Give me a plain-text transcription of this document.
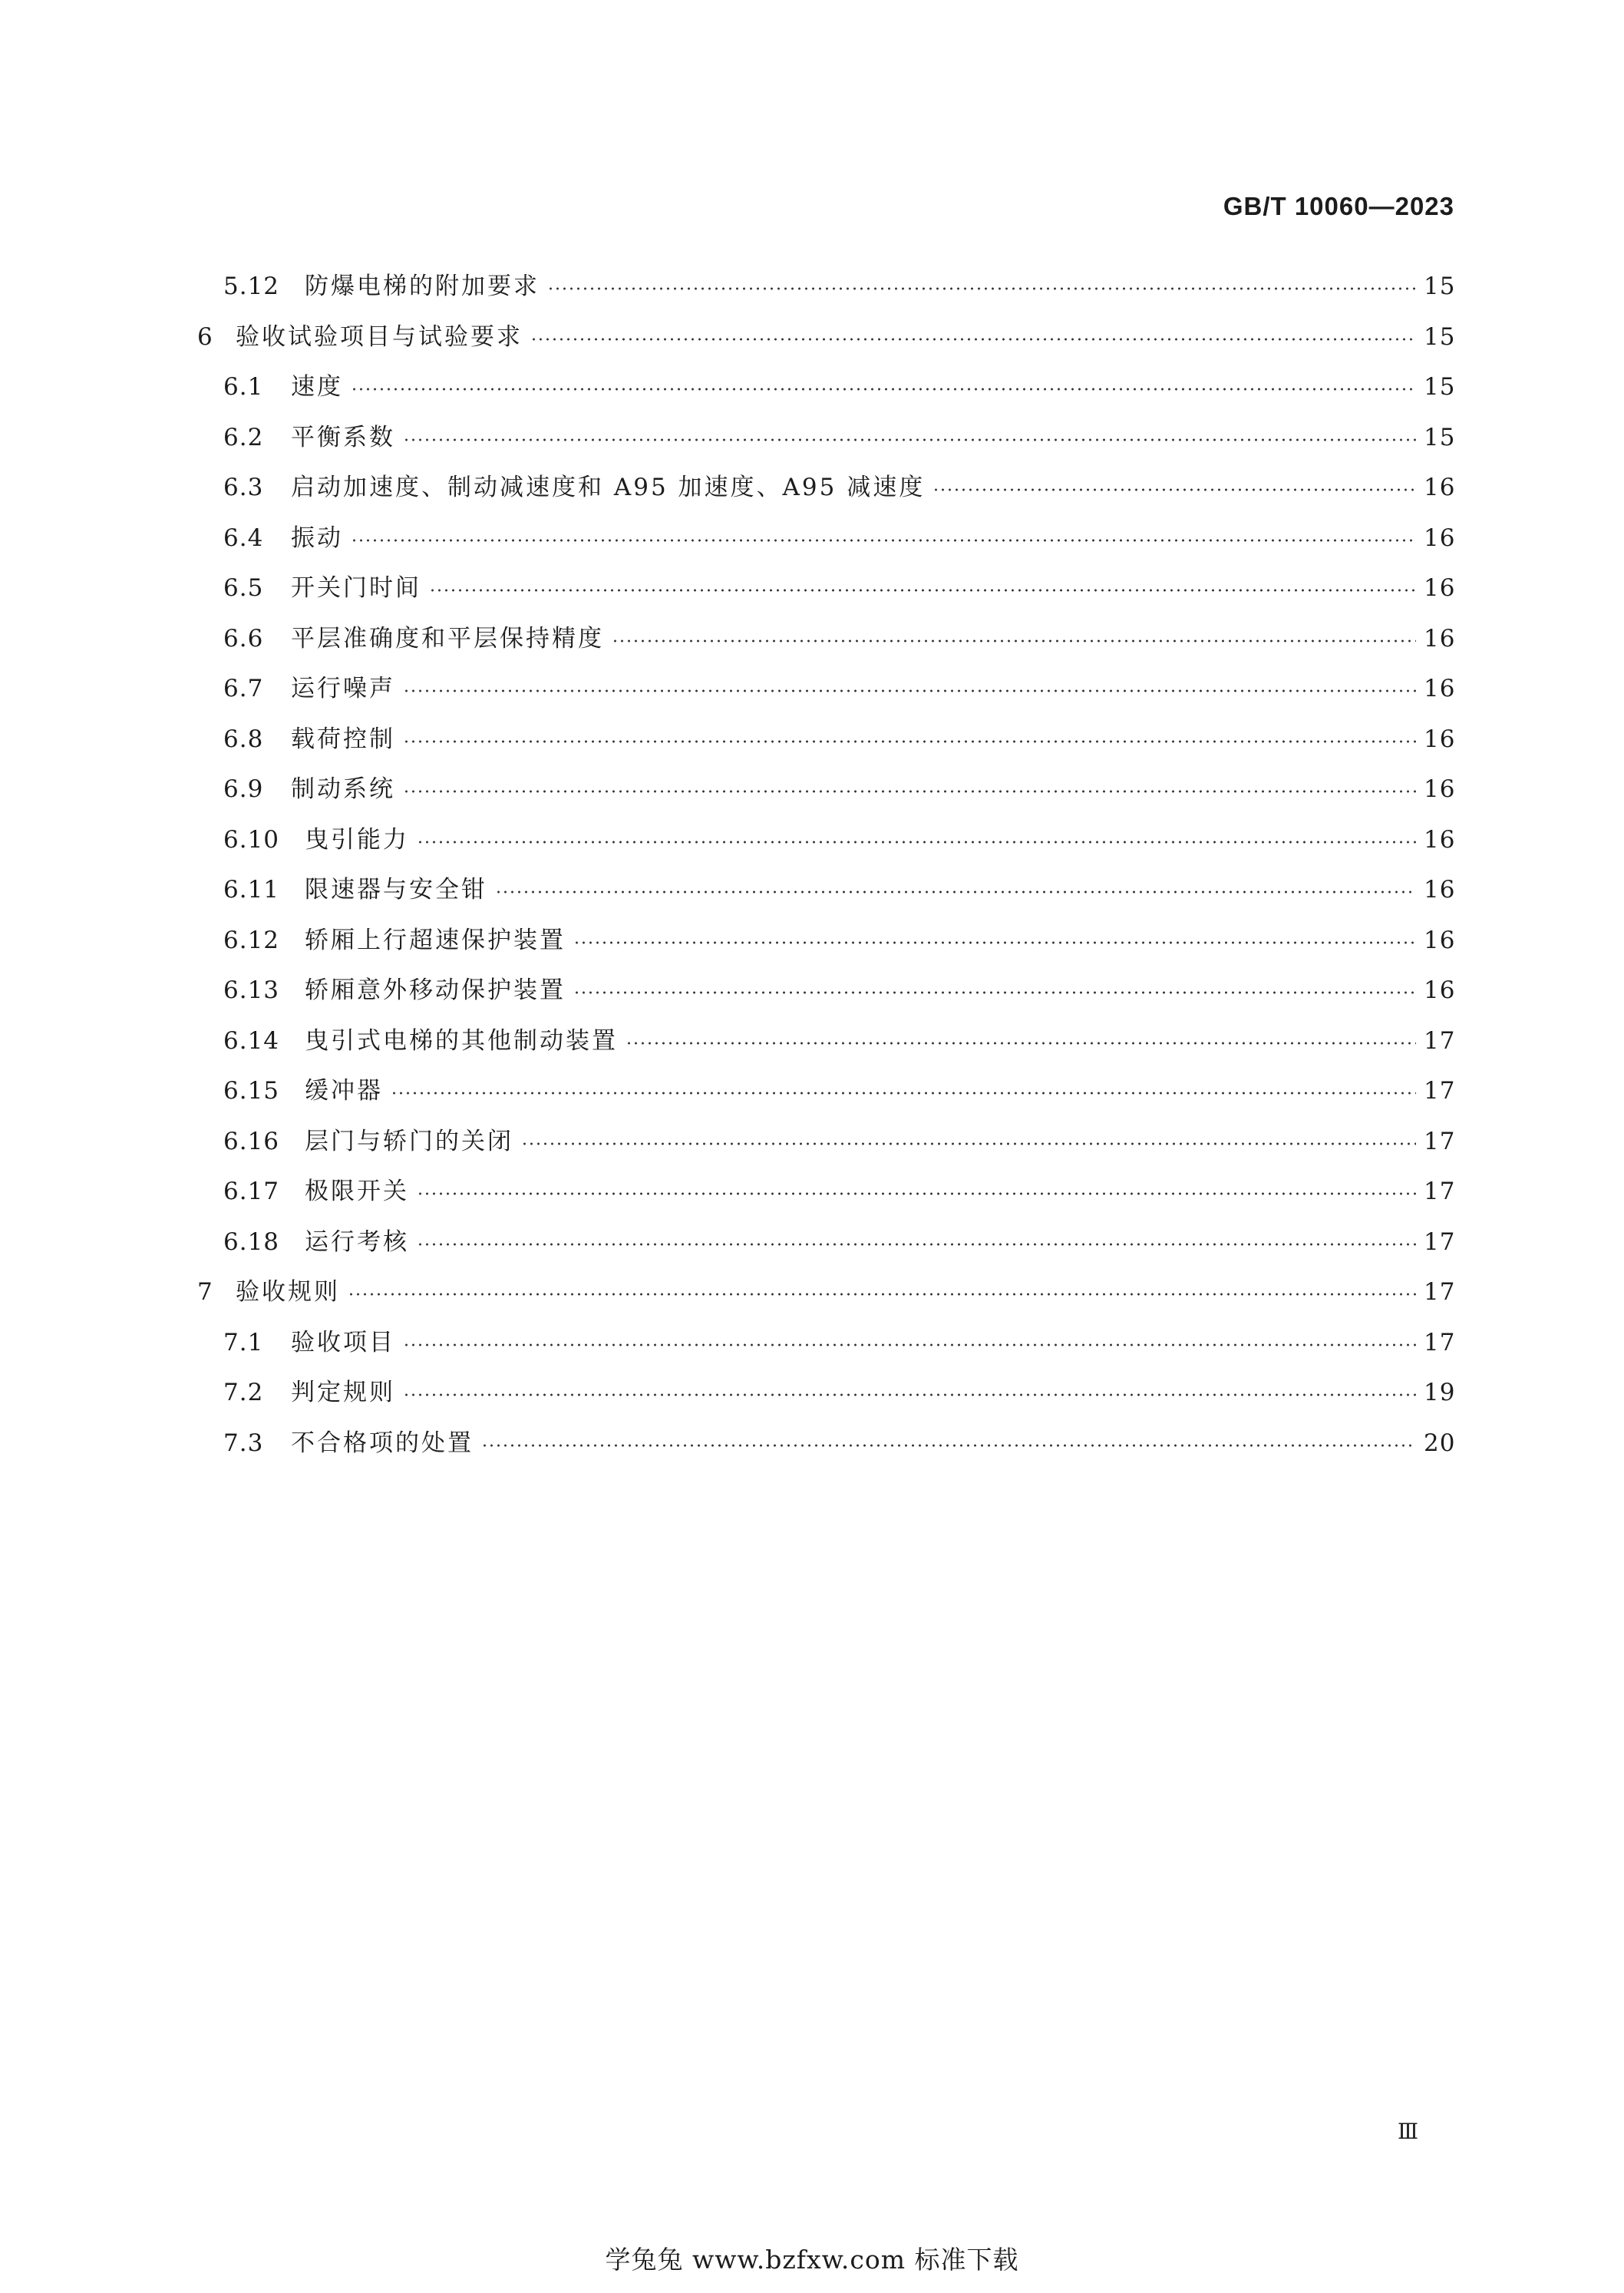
GB/T 10060—2023

5.12	防爆电梯的附加要求	15
6 验收试验项目与试验要求	15
6.1	速度	15
6.2	平衡系数	15
6.3	启动加速度、制动减速度和 A95 加速度、A95 减速度	16
6.4	振动	16
6.5	开关门时间	16
6.6	平层准确度和平层保持精度	16
6.7	运行噪声	16
6.8	载荷控制	16
6.9	制动系统	16
6.10	曳引能力	16
6.11	限速器与安全钳	16
6.12	轿厢上行超速保护装置	16
6.13	轿厢意外移动保护装置	16
6.14	曳引式电梯的其他制动装置	17
6.15	缓冲器	17
6.16	层门与轿门的关闭	17
6.17	极限开关	17
6.18	运行考核	17
7 验收规则	17
7.1	验收项目	17
7.2	判定规则	19
7.3	不合格项的处置	20

Ⅲ

学兔兔 www.bzfxw.com 标准下载
